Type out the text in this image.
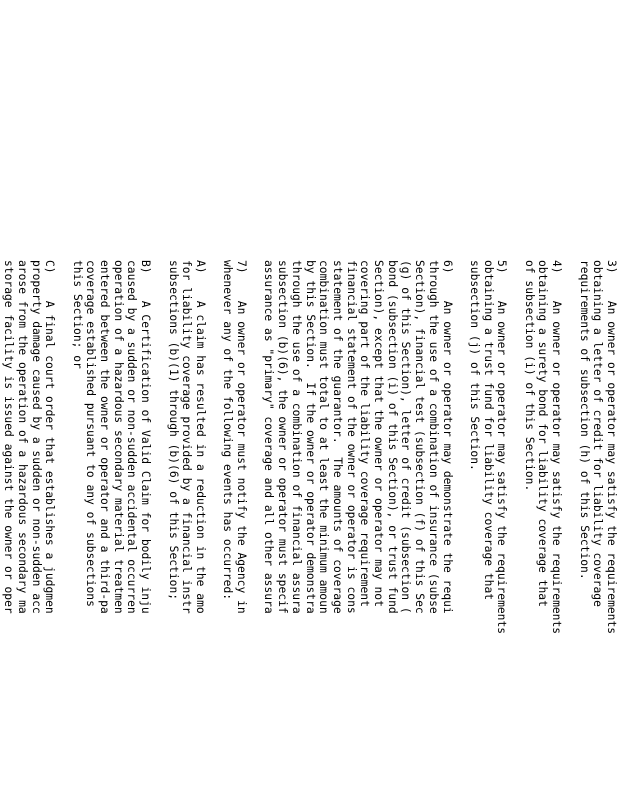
3)    An owner or operator may satisfy the requirements
obtaining a letter of credit for liability coverage
requirements of subsection (h) of this Section.
4)    An owner or operator may satisfy the requirements
obtaining a surety bond for liability coverage that
of subsection (i) of this Section.
5)    An owner or operator may satisfy the requirements
obtaining a trust fund for liability coverage that
subsection (j) of this Section.
6)    An owner or operator may demonstrate the requi
through the use of a combination of insurance (subse
Section), financial test (subsection (f) of this Sec
(g) of this Section), letter of credit (subsection (
bond (subsection (i) of this Section), or trust fund
Section), except that the owner or operator may not
covering part of the liability coverage requirement
financial statement of the owner or operator is cons
statement of the guarantor.  The amounts of coverage
combination must total to at least the minimum amoun
by this Section.  If the owner or operator demonstra
through the use of a combination of financial assura
subsection (b)(6), the owner or operator must specif
assurance as "primary" coverage and all other assura
7)    An owner or operator must notify the Agency in
whenever any of the following events has occurred:
A)    A claim has resulted in a reduction in the amo
for liability coverage provided by a financial instr
subsections (b)(1) through (b)(6) of this Section;
B)    A Certification of Valid Claim for bodily inju
caused by a sudden or non-sudden accidental occurren
operation of a hazardous secondary material treatmen
entered between the owner or operator and a third-pa
coverage established pursuant to any of subsections
this Section; or
C)    A final court order that establishes a judgmen
property damage caused by a sudden or non-sudden acc
arose from the operation of a hazardous secondary ma
storage facility is issued against the owner or oper
